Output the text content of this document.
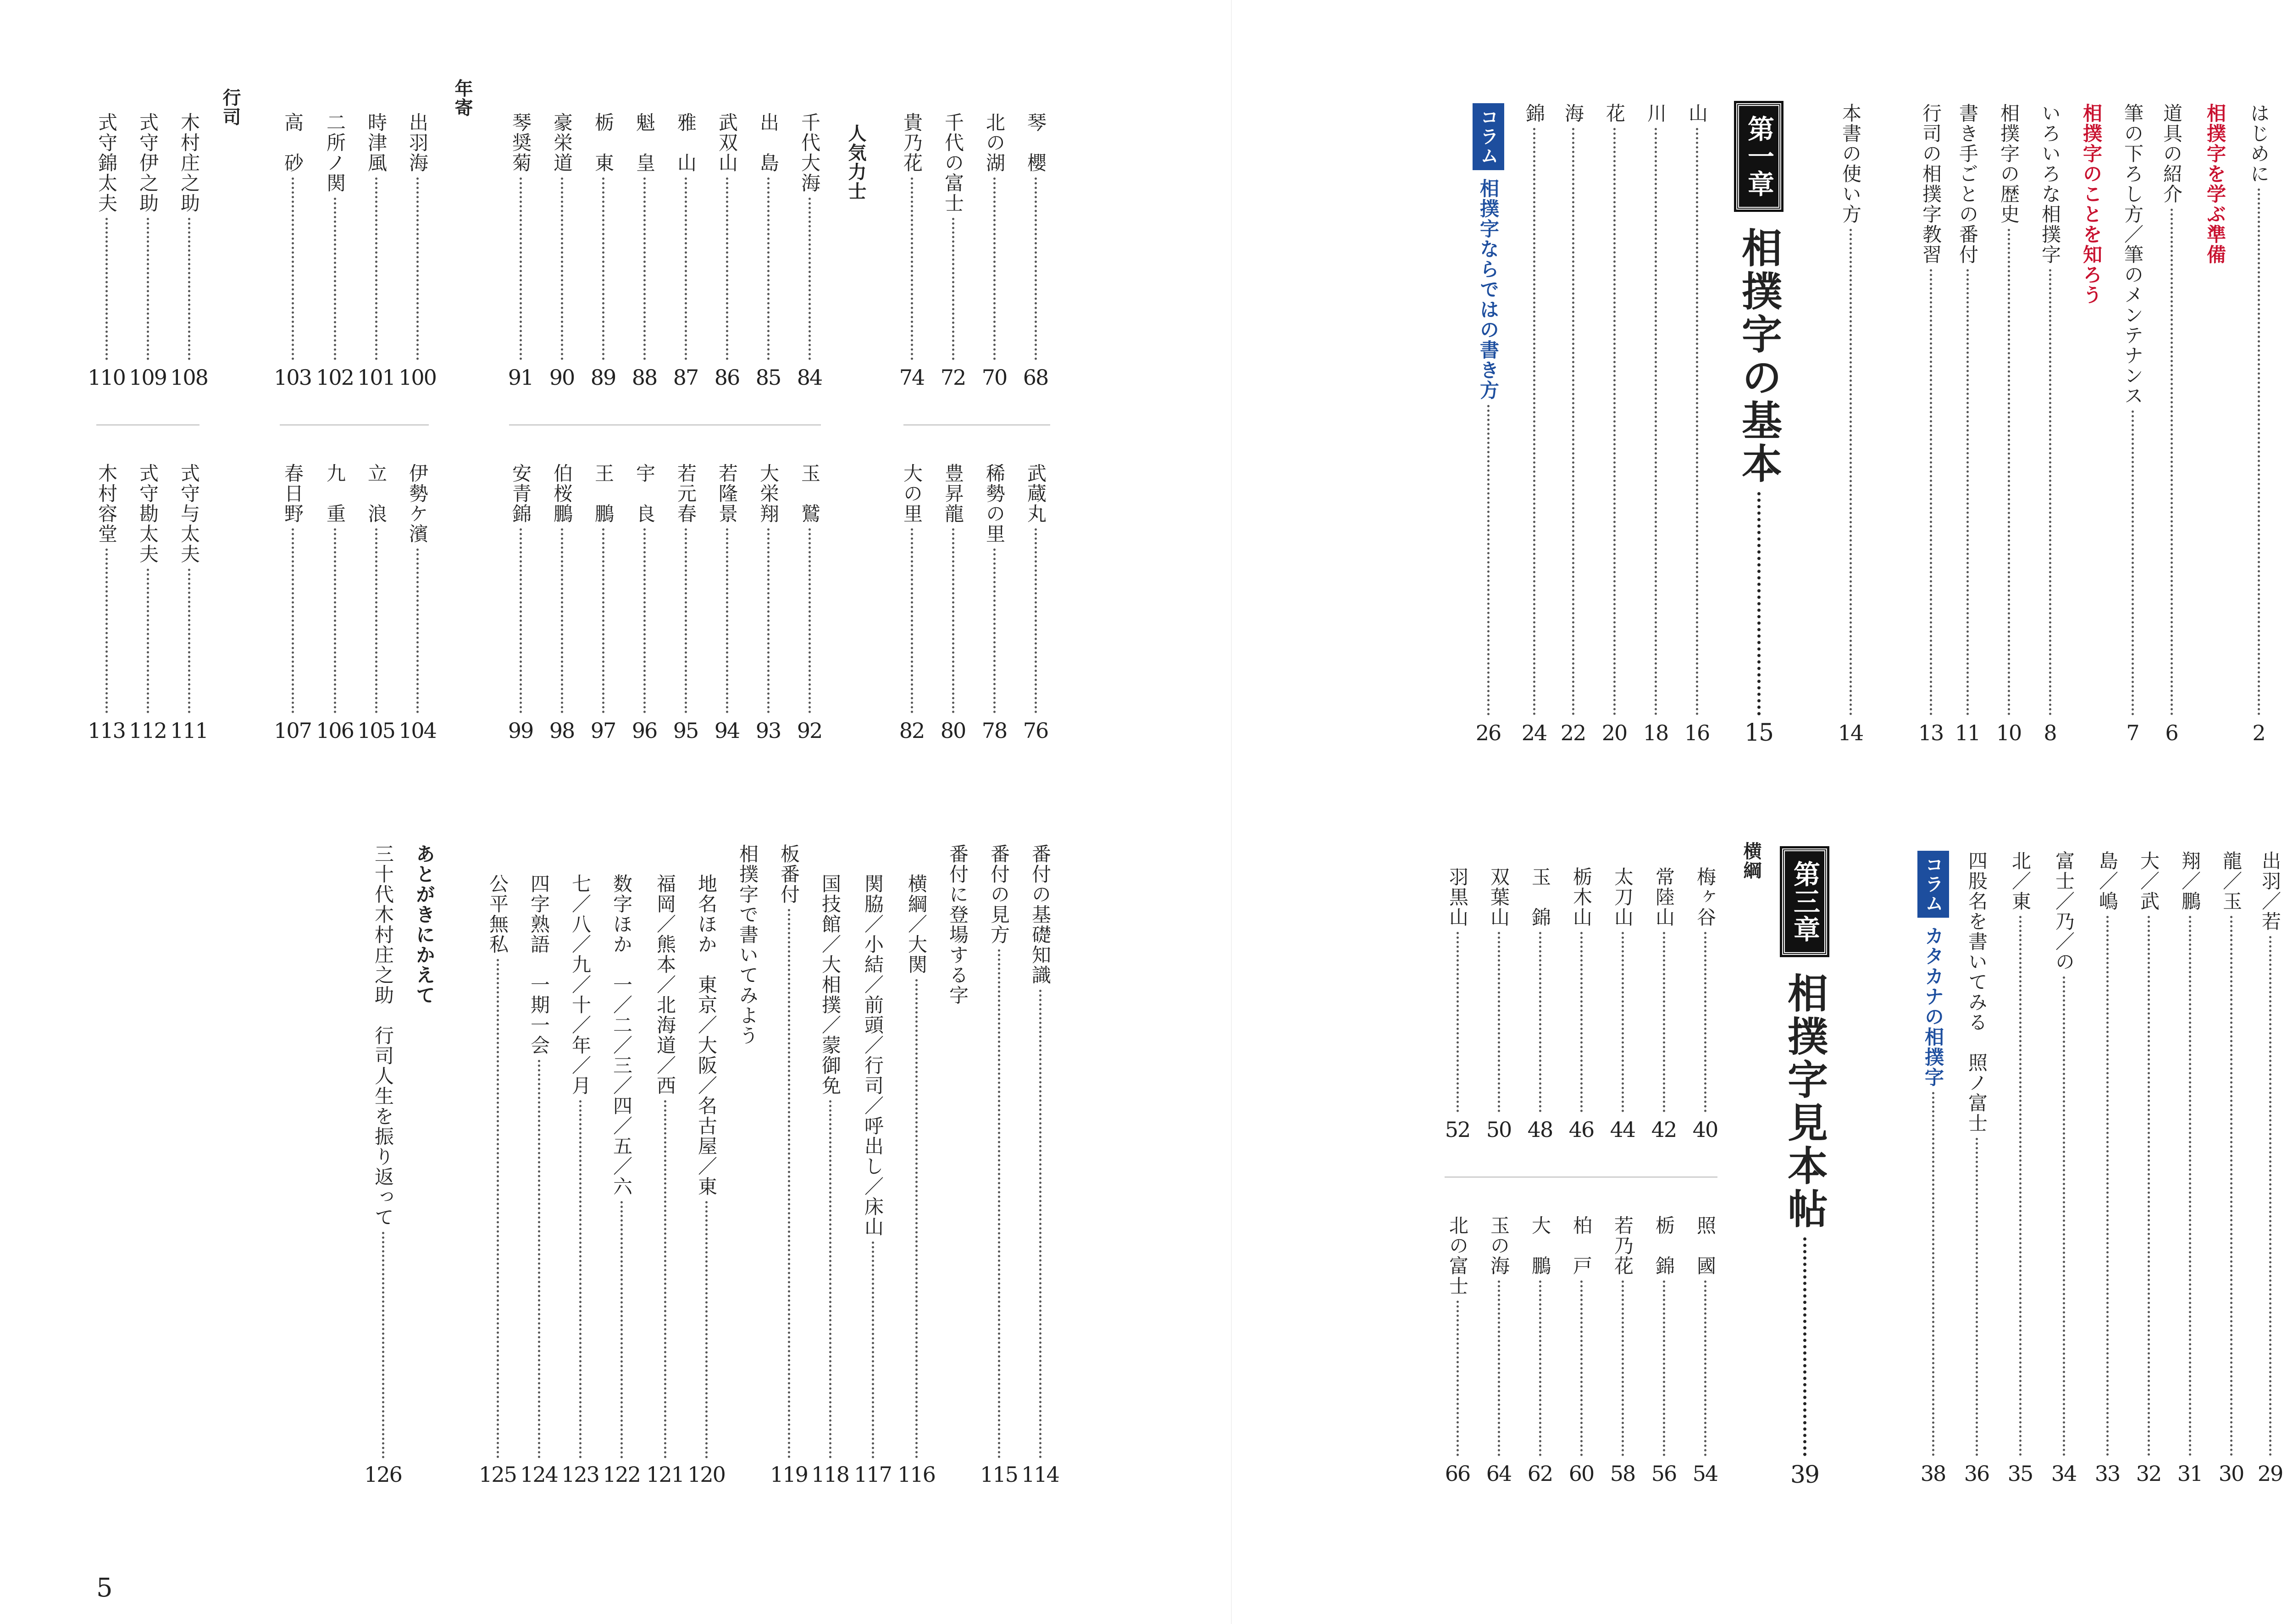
5
2
はじめに
相撲字を学ぶ準備
6
道具の紹介
7
筆の下ろし方／筆のメンテナンス
相撲字のことを知ろう
8
いろいろな相撲字
10
相撲字の歴史
11
書き手ごとの番付
13
行司の相撲字教習
14
本書の使い方
第一章
相撲字の基本
15
16
山
18
川
20
花
22
海
24
錦
コラム
相撲字ならではの書き方
26
29
出羽／若
30
龍／玉
31
翔／鵬
32
大／武
33
島／嶋
34
富士／乃／の
35
北／東
36
四股名を書いてみる　照ノ富士
コラム
カタカナの相撲字
38
第三章
相撲字見本帖
39
横綱
40
梅ヶ谷
42
常陸山
44
太刀山
46
栃木山
48
玉　錦
50
双葉山
52
羽黒山
54
照　國
56
栃　錦
58
若乃花
60
柏　戸
62
大　鵬
64
玉の海
66
北の富士
68
琴　櫻
70
北の湖
72
千代の富士
74
貴乃花
76
武蔵丸
78
稀勢の里
80
豊昇龍
82
大の里
人気力士
84
千代大海
85
出　島
86
武双山
87
雅　山
88
魁　皇
89
栃　東
90
豪栄道
91
琴奨菊
92
玉　鷲
93
大栄翔
94
若隆景
95
若元春
96
宇　良
97
王　鵬
98
伯桜鵬
99
安青錦
年寄
100
出羽海
101
時津風
102
二所ノ関
103
高　砂
104
伊勢ケ濱
105
立　浪
106
九　重
107
春日野
行司
108
木村庄之助
109
式守伊之助
110
式守錦太夫
111
式守与太夫
112
式守勘太夫
113
木村容堂
114
番付の基礎知識
115
番付の見方
番付に登場する字
116
横綱／大関
117
関脇／小結／前頭／行司／呼出し／床山
118
国技館／大相撲／蒙御免
119
板番付
相撲字で書いてみよう
120
地名ほか　東京／大阪／名古屋／東
121
福岡／熊本／北海道／西
122
数字ほか　一／二／三／四／五／六
123
七／八／九／十／年／月
124
四字熟語　一期一会
125
公平無私
あとがきにかえて
126
三十代木村庄之助　行司人生を振り返って
